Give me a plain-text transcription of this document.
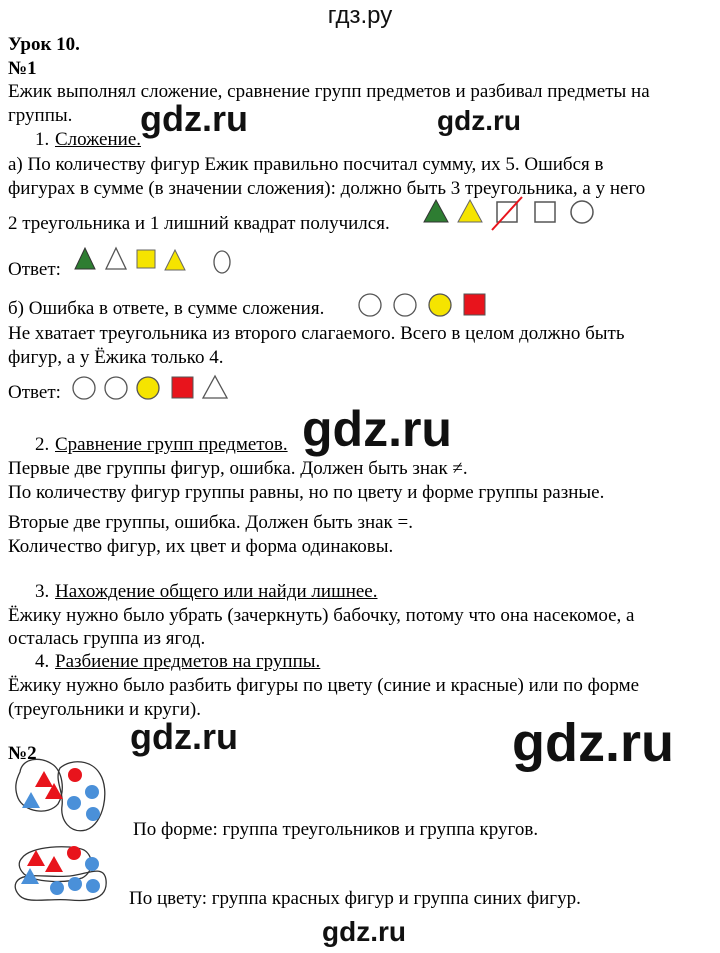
гдз.ру
Урок 10.
№1
Ежик выполнял сложение, сравнение групп предметов и разбивал предметы на
группы. gdz.ru	gdz.ru
gdz.ru
gdz.ru	gdz.ru
gdz.ru
1. Сложение.
а) По количеству фигур Ежик правильно посчитал сумму, их 5. Ошибся в
фигурах в сумме (в значении сложения): должно быть 3 треугольника, а у него
2 треугольника и 1 лишний квадрат получился.
Ответ:
б) Ошибка в ответе, в сумме сложения.
Не хватает треугольника из второго слагаемого. Всего в целом должно быть
фигур, а у Ёжика только 4.
Ответ:
2. Сравнение групп предметов.
Первые две группы фигур, ошибка. Должен быть знак ≠.
По количеству фигур группы равны, но по цвету и форме группы разные.
Вторые две группы, ошибка. Должен быть знак =.
Количество фигур, их цвет и форма одинаковы.
3. Нахождение общего или найди лишнее.
Ёжику нужно было убрать (зачеркнуть) бабочку, потому что она насекомое, а
осталась группа из ягод.
4. Разбиение предметов на группы.
Ёжику нужно было разбить фигуры по цвету (синие и красные) или по форме
(треугольники и круги).
№2
По форме: группа треугольников и группа кругов.
По цвету: группа красных фигур и группа синих фигур.
